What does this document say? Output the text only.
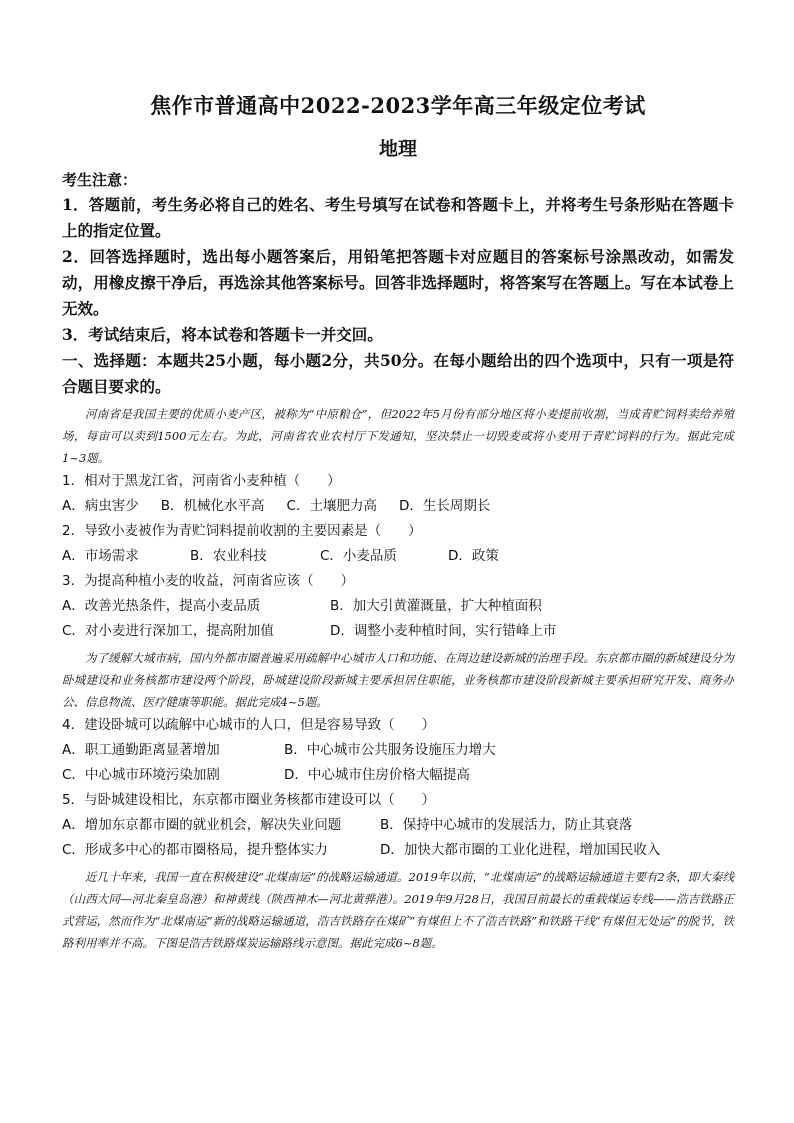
焦作市普通高中2022-2023学年高三年级定位考试
地理

考生注意：

1．答题前，考生务必将自己的姓名、考生号填写在试卷和答题卡上，并将考生号条形贴在答题卡上的指定位置。

2．回答选择题时，选出每小题答案后，用铅笔把答题卡对应题目的答案标号涂黑改动，如需发动，用橡皮擦干净后，再选涂其他答案标号。回答非选择题时，将答案写在答题上。写在本试卷上无效。

3．考试结束后，将本试卷和答题卡一并交回。

一、选择题：本题共25小题，每小题2分，共50分。在每小题给出的四个选项中，只有一项是符合题目要求的。

河南省是我国主要的优质小麦产区，被称为“中原粮仓”，但2022年5月份有部分地区将小麦提前收割，当成青贮饲料卖给养殖场，每亩可以卖到1500元左右。为此，河南省农业农村厅下发通知，坚决禁止一切毁麦或将小麦用于青贮饲料的行为。据此完成1~3题。

1．相对于黑龙江省，河南省小麦种植（　　）

A．病虫害少 B．机械化水平高 C．土壤肥力高 D．生长周期长

2．导致小麦被作为青贮饲料提前收割的主要因素是（　　）

A．市场需求	B．农业科技	C．小麦品质	D．政策

3．为提高种植小麦的收益，河南省应该（　　）

A．改善光热条件，提高小麦品质	B．加大引黄灌溉量，扩大种植面积
C．对小麦进行深加工，提高附加值	D．调整小麦种植时间，实行错峰上市

为了缓解大城市病，国内外都市圈普遍采用疏解中心城市人口和功能、在周边建设新城的治理手段。东京都市圈的新城建设分为卧城建设和业务核都市建设两个阶段，卧城建设阶段新城主要承担居住职能，业务核都市建设阶段新城主要承担研究开发、商务办公、信息物流、医疗健康等职能。据此完成4~5题。

4．建设卧城可以疏解中心城市的人口，但是容易导致（　　）

A．职工通勤距离显著增加	B．中心城市公共服务设施压力增大
C．中心城市环境污染加剧	D．中心城市住房价格大幅提高

5．与卧城建设相比，东京都市圈业务核都市建设可以（　　）

A．增加东京都市圈的就业机会，解决失业问题	B．保持中心城市的发展活力，防止其衰落
C．形成多中心的都市圈格局，提升整体实力	D．加快大都市圈的工业化进程，增加国民收入

近几十年来，我国一直在积极建设“北煤南运”的战略运输通道。2019年以前，“北煤南运”的战略运输通道主要有2条，即大秦线（山西大同—河北秦皇岛港）和神黄线（陕西神木—河北黄骅港）。2019年9月28日，我国目前最长的重载煤运专线——浩吉铁路正式营运，然而作为“北煤南运”新的战略运输通道，浩吉铁路存在煤矿“有煤但上不了浩吉铁路”和铁路干线“有煤但无处运”的脱节，铁路利用率并不高。下图是浩吉铁路煤炭运输路线示意图。据此完成6~8题。
